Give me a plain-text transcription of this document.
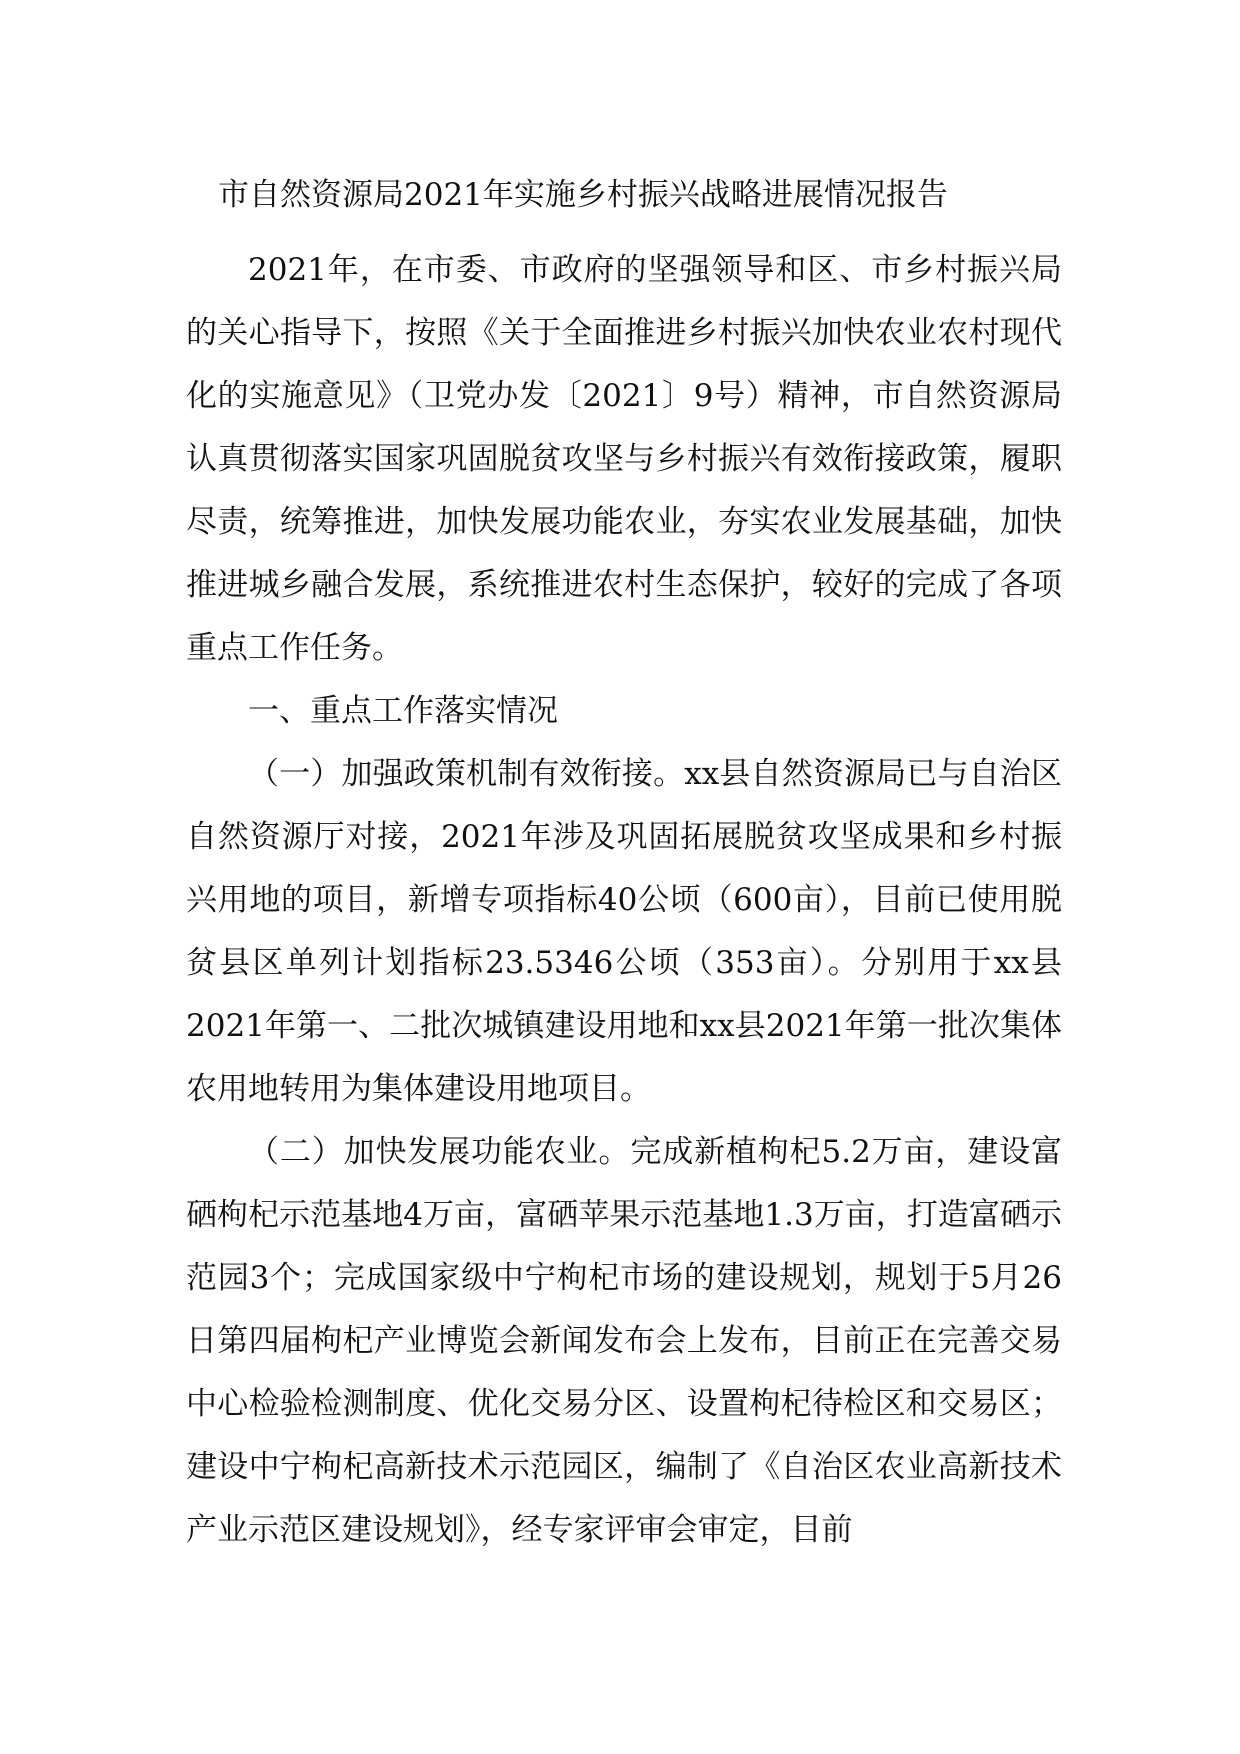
市自然资源局2021年实施乡村振兴战略进展情况报告

2021年，在市委、市政府的坚强领导和区、市乡村振兴局的关心指导下，按照《关于全面推进乡村振兴加快农业农村现代化的实施意见》（卫党办发〔2021〕9号）精神，市自然资源局认真贯彻落实国家巩固脱贫攻坚与乡村振兴有效衔接政策，履职尽责，统筹推进，加快发展功能农业，夯实农业发展基础，加快推进城乡融合发展，系统推进农村生态保护，较好的完成了各项重点工作任务。

一、重点工作落实情况

（一）加强政策机制有效衔接。xx县自然资源局已与自治区自然资源厅对接，2021年涉及巩固拓展脱贫攻坚成果和乡村振兴用地的项目，新增专项指标40公顷（600亩），目前已使用脱贫县区单列计划指标23.5346公顷（353亩）。分别用于xx县2021年第一、二批次城镇建设用地和xx县2021年第一批次集体农用地转用为集体建设用地项目。

（二）加快发展功能农业。完成新植枸杞5.2万亩，建设富硒枸杞示范基地4万亩，富硒苹果示范基地1.3万亩，打造富硒示范园3个；完成国家级中宁枸杞市场的建设规划，规划于5月26日第四届枸杞产业博览会新闻发布会上发布，目前正在完善交易中心检验检测制度、优化交易分区、设置枸杞待检区和交易区；建设中宁枸杞高新技术示范园区，编制了《自治区农业高新技术产业示范区建设规划》，经专家评审会审定，目前
